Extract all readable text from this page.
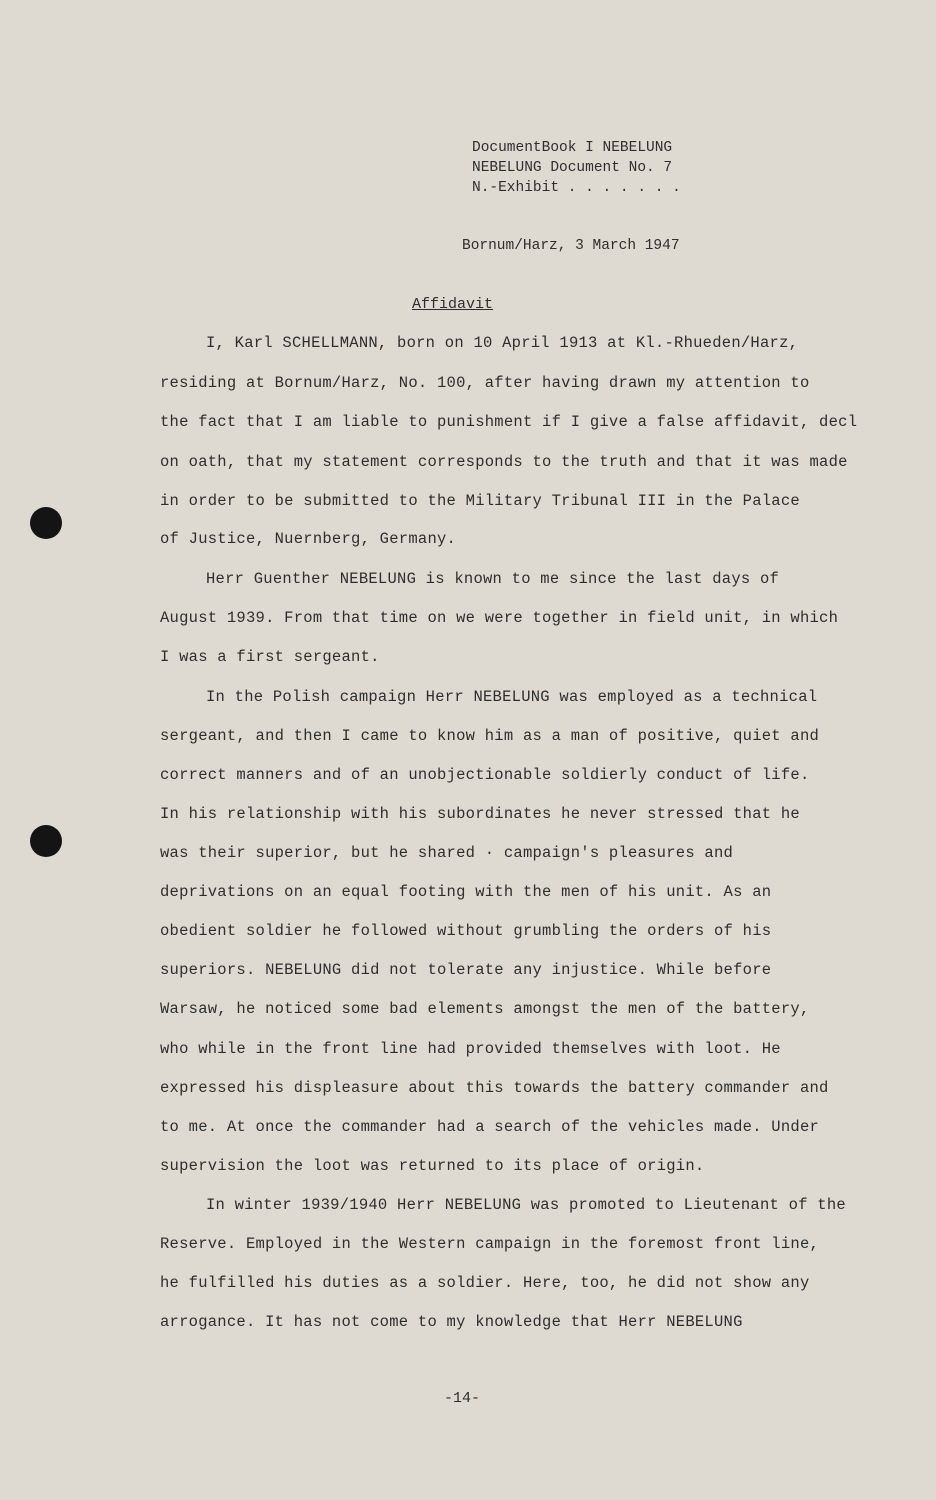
DocumentBook I NEBELUNG
NEBELUNG Document No. 7
N.-Exhibit . . . . . . .
Bornum/Harz, 3 March 1947
Affidavit
I, Karl SCHELLMANN, born on 10 April 1913 at Kl.-Rhueden/Harz,
residing at Bornum/Harz, No. 100, after having drawn my attention to
the fact that I am liable to punishment if I give a false affidavit, decl
on oath, that my statement corresponds to the truth and that it was made
in order to be submitted to the Military Tribunal III in the Palace
of Justice, Nuernberg, Germany.
Herr Guenther NEBELUNG is known to me since the last days of
August 1939. From that time on we were together in field unit, in which
I was a first sergeant.
In the Polish campaign Herr NEBELUNG was employed as a technical
sergeant, and then I came to know him as a man of positive, quiet and
correct manners and of an unobjectionable soldierly conduct of life.
In his relationship with his subordinates he never stressed that he
was their superior, but he shared · campaign's pleasures and
deprivations on an equal footing with the men of his unit. As an
obedient soldier he followed without grumbling the orders of his
superiors. NEBELUNG did not tolerate any injustice. While before
Warsaw, he noticed some bad elements amongst the men of the battery,
who while in the front line had provided themselves with loot. He
expressed his displeasure about this towards the battery commander and
to me. At once the commander had a search of the vehicles made. Under
supervision the loot was returned to its place of origin.
In winter 1939/1940 Herr NEBELUNG was promoted to Lieutenant of the
Reserve. Employed in the Western campaign in the foremost front line,
he fulfilled his duties as a soldier. Here, too, he did not show any
arrogance. It has not come to my knowledge that Herr NEBELUNG
-14-
